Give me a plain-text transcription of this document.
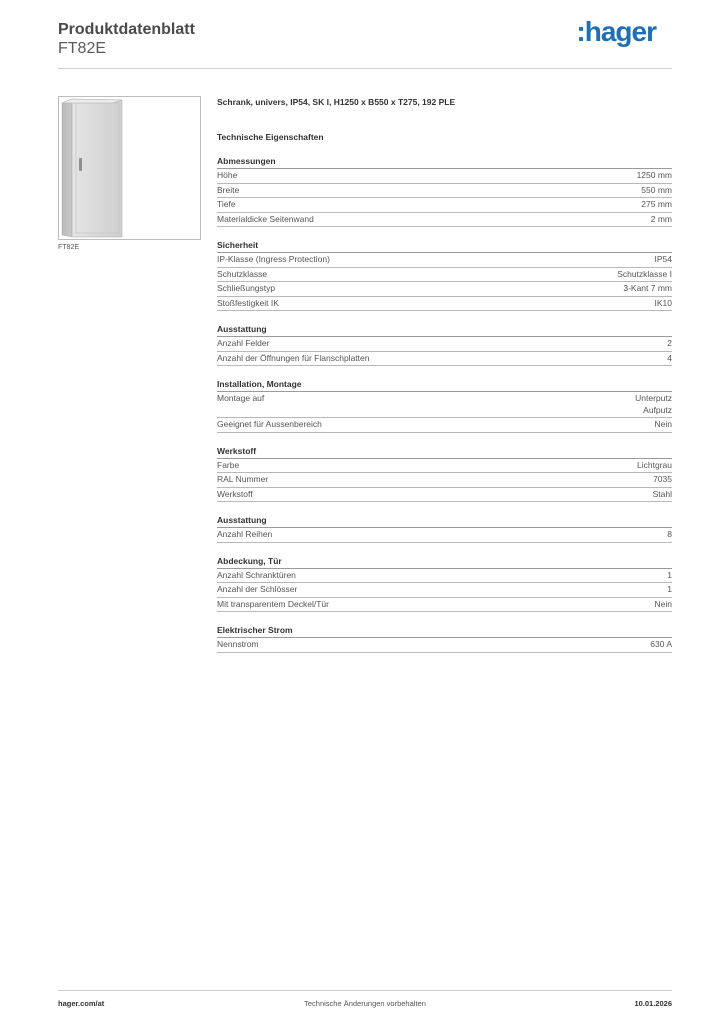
Produktdatenblatt
FT82E
:hager
FT82E
Schrank, univers, IP54, SK I, H1250 x B550 x T275, 192 PLE
Technische Eigenschaften
Abmessungen
Höhe	1250 mm
Breite	550 mm
Tiefe	275 mm
Materialdicke Seitenwand	2 mm
Sicherheit
IP-Klasse (Ingress Protection)	IP54
Schutzklasse	Schutzklasse I
Schließungstyp	3-Kant 7 mm
Stoßfestigkeit IK	IK10
Ausstattung
Anzahl Felder	2
Anzahl der Öffnungen für Flanschplatten	4
Installation, Montage
Montage auf	Unterputz
Aufputz
Geeignet für Aussenbereich	Nein
Werkstoff
Farbe	Lichtgrau
RAL Nummer	7035
Werkstoff	Stahl
Ausstattung
Anzahl Reihen	8
Abdeckung, Tür
Anzahl Schranktüren	1
Anzahl der Schlösser	1
Mit transparentem Deckel/Tür	Nein
Elektrischer Strom
Nennstrom	630 A
hager.com/at	Technische Änderungen vorbehalten	10.01.2026
